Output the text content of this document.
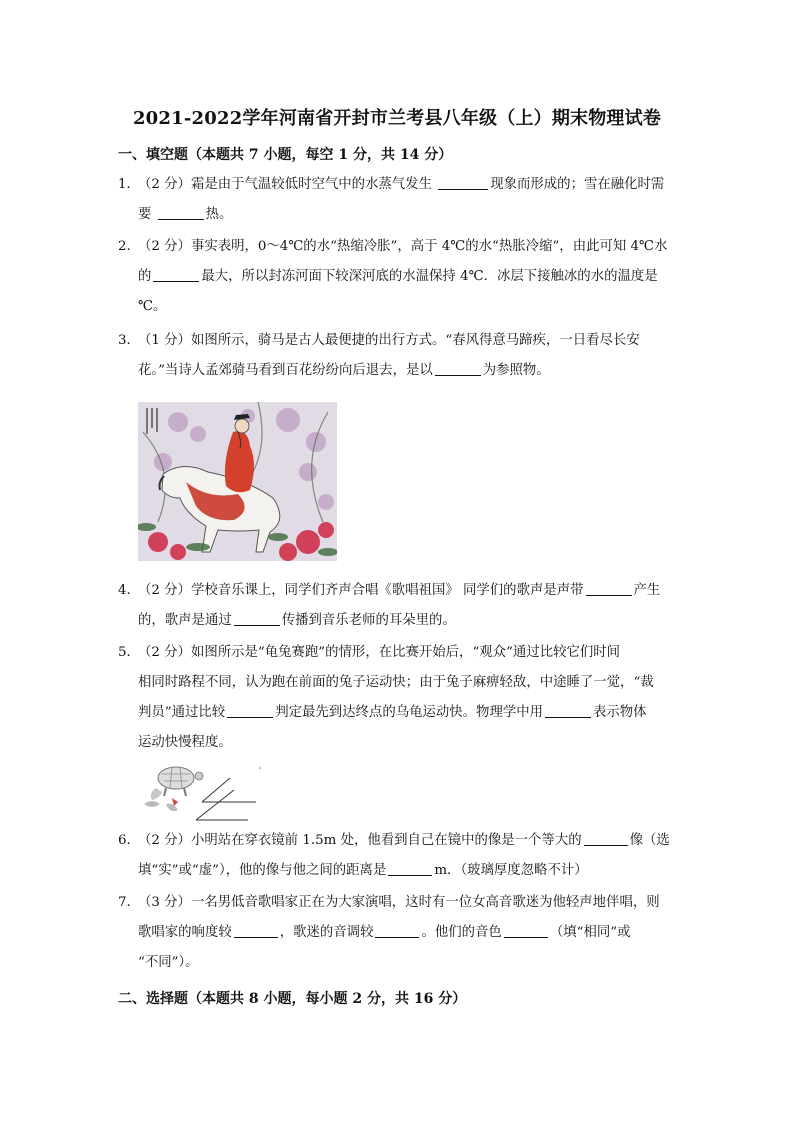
2021-2022学年河南省开封市兰考县八年级（上）期末物理试卷
一、填空题（本题共 7 小题，每空 1 分，共 14 分）
1．（2 分）霜是由于气温较低时空气中的水蒸气发生	现象而形成的；雪在融化时需
要	热。
2．（2 分）事实表明，0～4℃的水“热缩冷胀”，高于 4℃的水“热胀冷缩”，由此可知 4℃水
的	最大，所以封冻河面下较深河底的水温保持 4℃．冰层下接触冰的水的温度是
℃。
3．（1 分）如图所示，骑马是古人最便捷的出行方式。“春风得意马蹄疾，一日看尽长安
花。”当诗人孟郊骑马看到百花纷纷向后退去，是以	为参照物。
4．（2 分）学校音乐课上，同学们齐声合唱《歌唱祖国》 同学们的歌声是声带	产生
的，歌声是通过	传播到音乐老师的耳朵里的。
5．（2 分）如图所示是“龟兔赛跑”的情形，在比赛开始后，“观众”通过比较它们时间
相同时路程不同，认为跑在前面的兔子运动快；由于兔子麻痹轻敌，中途睡了一觉，“裁
判员”通过比较	判定最先到达终点的乌龟运动快。物理学中用	表示物体
运动快慢程度。
6．（2 分）小明站在穿衣镜前 1.5m 处，他看到自己在镜中的像是一个等大的	像（选
填“实”或“虚”），他的像与他之间的距离是	m．（玻璃厚度忽略不计）
7．（3 分）一名男低音歌唱家正在为大家演唱，这时有一位女高音歌迷为他轻声地伴唱，则
歌唱家的响度较	，歌迷的音调较	。他们的音色	（填“相同”或
“不同”）。
二、选择题（本题共 8 小题，每小题 2 分，共 16 分）
